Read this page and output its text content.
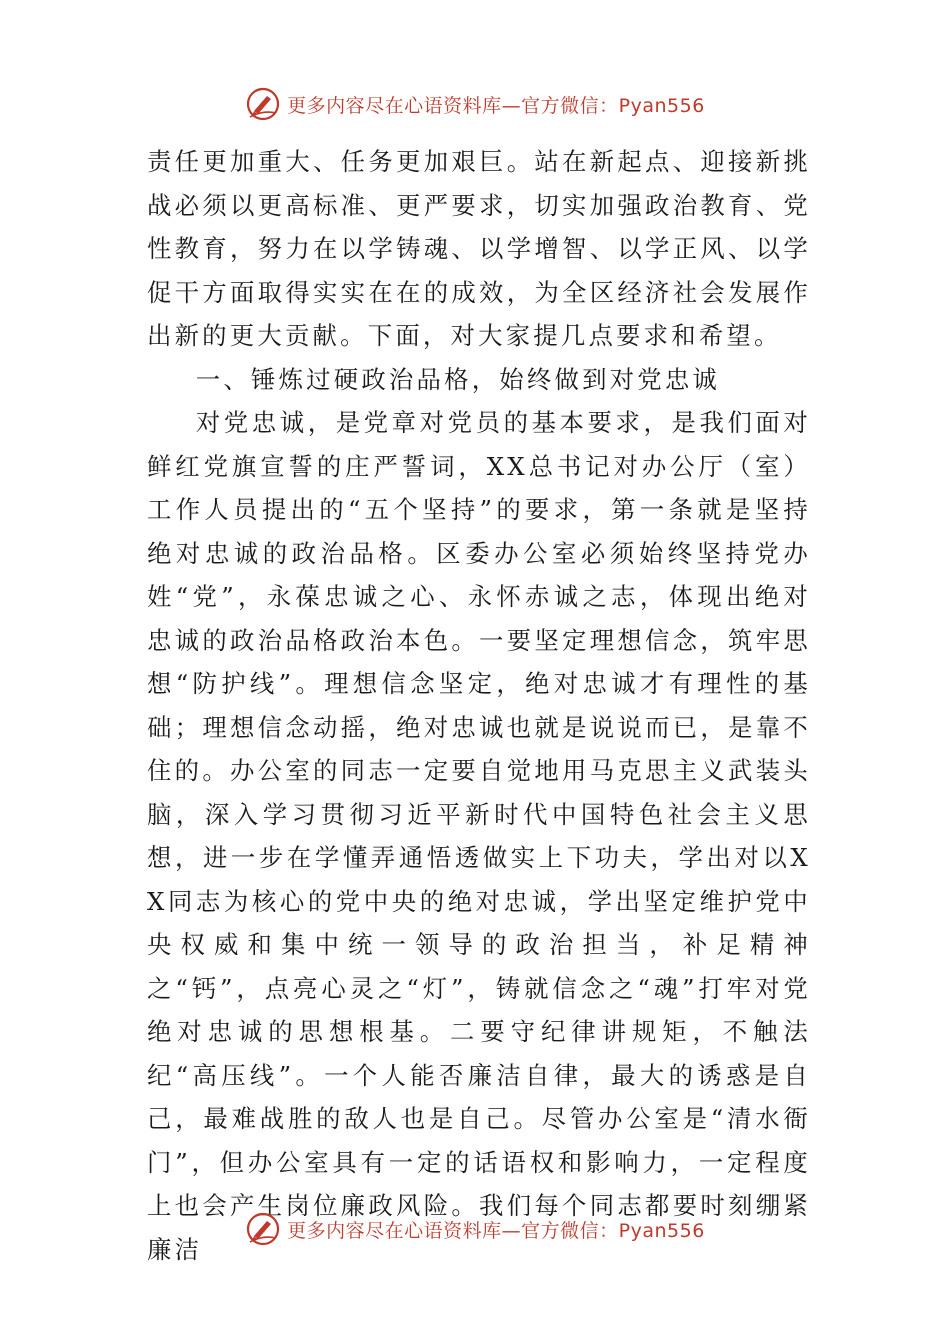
更多内容尽在心语资料库—官方微信：Pyan556

责任更加重大、任务更加艰巨。站在新起点、迎接新挑战必须以更高标准、更严要求，切实加强政治教育、党性教育，努力在以学铸魂、以学增智、以学正风、以学促干方面取得实实在在的成效，为全区经济社会发展作出新的更大贡献。下面，对大家提几点要求和希望。

一、锤炼过硬政治品格，始终做到对党忠诚

对党忠诚，是党章对党员的基本要求，是我们面对鲜红党旗宣誓的庄严誓词，XX总书记对办公厅（室）工作人员提出的“五个坚持”的要求，第一条就是坚持绝对忠诚的政治品格。区委办公室必须始终坚持党办姓“党”，永葆忠诚之心、永怀赤诚之志，体现出绝对忠诚的政治品格政治本色。一要坚定理想信念，筑牢思想“防护线”。理想信念坚定，绝对忠诚才有理性的基础；理想信念动摇，绝对忠诚也就是说说而已，是靠不住的。办公室的同志一定要自觉地用马克思主义武装头脑，深入学习贯彻习近平新时代中国特色社会主义思想，进一步在学懂弄通悟透做实上下功夫，学出对以XX同志为核心的党中央的绝对忠诚，学出坚定维护党中央权威和集中统一领导的政治担当，补足精神之“钙”，点亮心灵之“灯”，铸就信念之“魂”打牢对党绝对忠诚的思想根基。二要守纪律讲规矩，不触法纪“高压线”。一个人能否廉洁自律，最大的诱惑是自己，最难战胜的敌人也是自己。尽管办公室是“清水衙门”，但办公室具有一定的话语权和影响力，一定程度上也会产生岗位廉政风险。我们每个同志都要时刻绷紧廉洁

更多内容尽在心语资料库—官方微信：Pyan556
